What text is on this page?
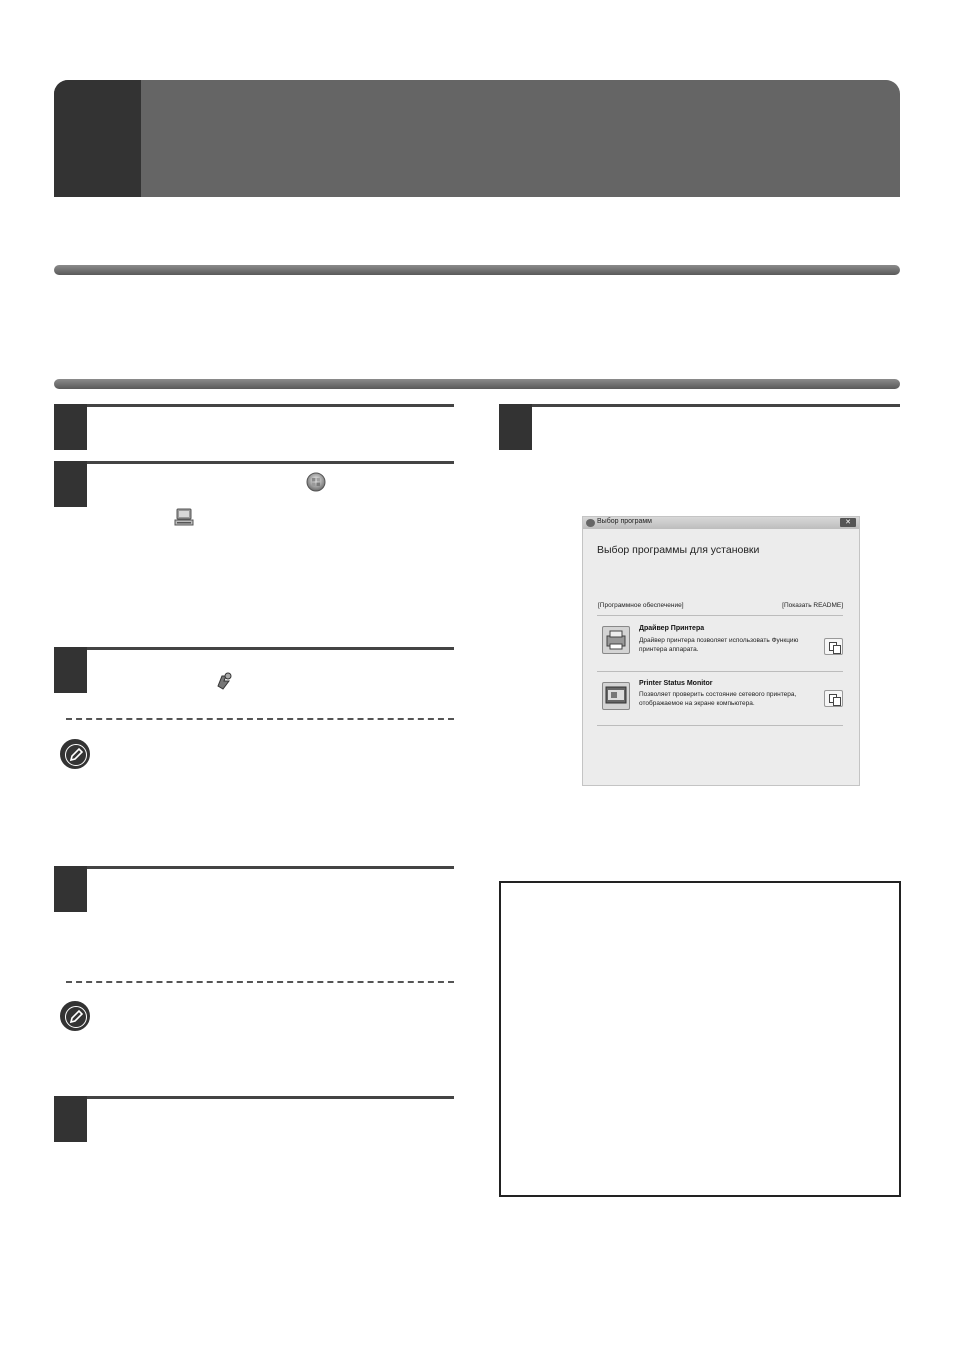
Выбор программ	✕
Выбор программы для установки
[Программное обеспечение]	[Показать README]
Драйвер Принтера
Драйвер принтера позволяет использовать Функцию принтера аппарата.
Printer Status Monitor
Позволяет проверить состояние сетевого принтера, отображаемое на экране компьютера.
